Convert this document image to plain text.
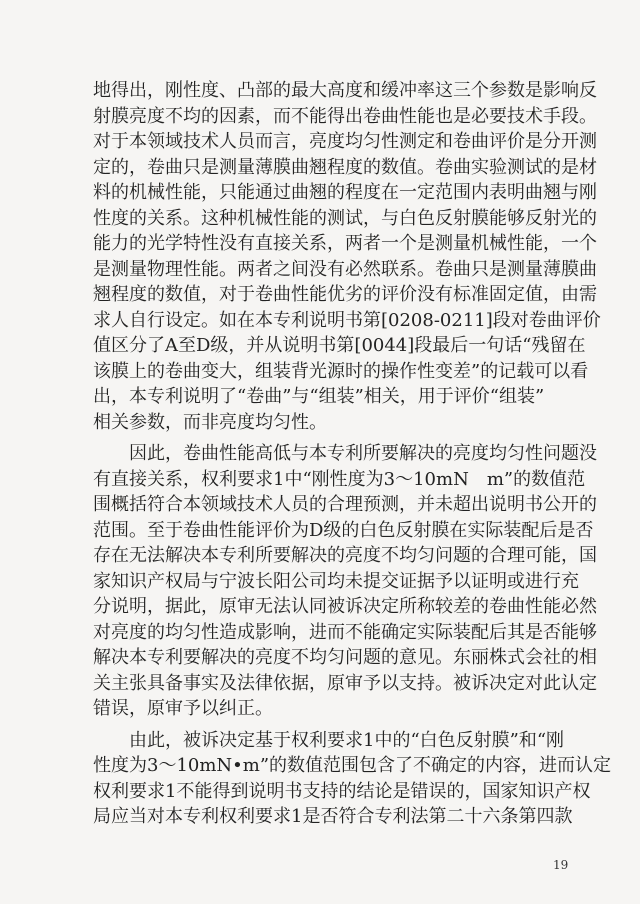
地得出，刚性度、凸部的最大高度和缓冲率这三个参数是影响反
射膜亮度不均的因素，而不能得出卷曲性能也是必要技术手段。
对于本领域技术人员而言，亮度均匀性测定和卷曲评价是分开测
定的，卷曲只是测量薄膜曲翘程度的数值。卷曲实验测试的是材
料的机械性能，只能通过曲翘的程度在一定范围内表明曲翘与刚
性度的关系。这种机械性能的测试，与白色反射膜能够反射光的
能力的光学特性没有直接关系，两者一个是测量机械性能，一个
是测量物理性能。两者之间没有必然联系。卷曲只是测量薄膜曲
翘程度的数值，对于卷曲性能优劣的评价没有标准固定值，由需
求人自行设定。如在本专利说明书第[0208-0211]段对卷曲评价
值区分了A至D级，并从说明书第[0044]段最后一句话“残留在
该膜上的卷曲变大，组装背光源时的操作性变差”的记载可以看
出，本专利说明了“卷曲”与“组装”相关，用于评价“组装”
相关参数，而非亮度均匀性。
　　因此，卷曲性能高低与本专利所要解决的亮度均匀性问题没
有直接关系，权利要求1中“刚性度为3～10mN　m”的数值范
围概括符合本领域技术人员的合理预测，并未超出说明书公开的
范围。至于卷曲性能评价为D级的白色反射膜在实际装配后是否
存在无法解决本专利所要解决的亮度不均匀问题的合理可能，国
家知识产权局与宁波长阳公司均未提交证据予以证明或进行充
分说明，据此，原审无法认同被诉决定所称较差的卷曲性能必然
对亮度的均匀性造成影响，进而不能确定实际装配后其是否能够
解决本专利要解决的亮度不均匀问题的意见。东丽株式会社的相
关主张具备事实及法律依据，原审予以支持。被诉决定对此认定
错误，原审予以纠正。
　　由此，被诉决定基于权利要求1中的“白色反射膜”和“刚
性度为3～10mN•m”的数值范围包含了不确定的内容，进而认定
权利要求1不能得到说明书支持的结论是错误的，国家知识产权
局应当对本专利权利要求1是否符合专利法第二十六条第四款
19
